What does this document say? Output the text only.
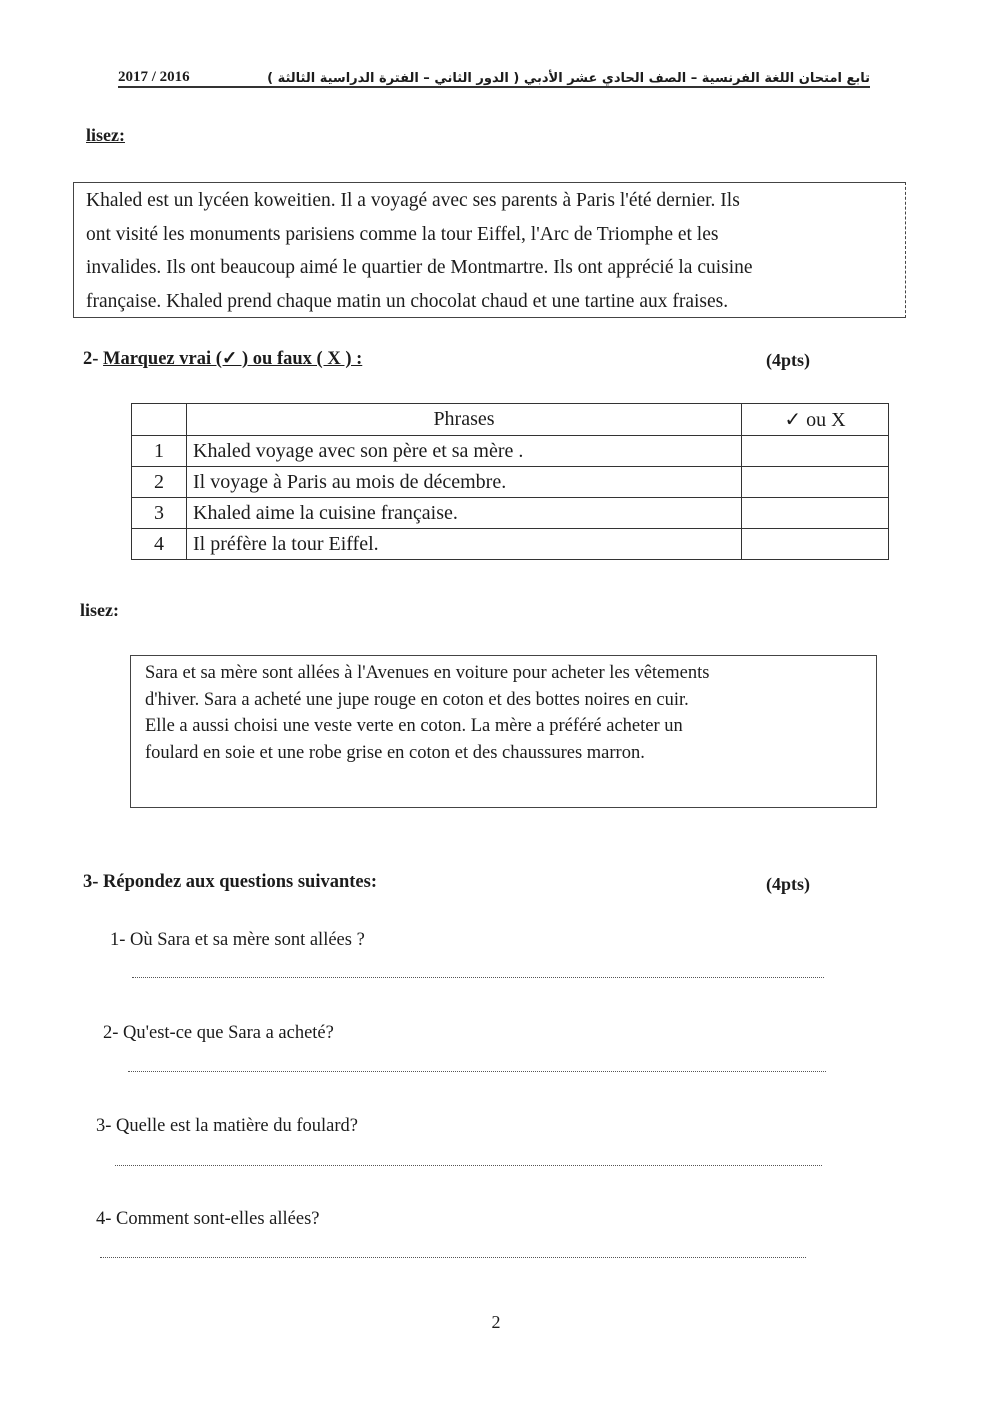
2017 / 2016	تابع امتحان اللغة الفرنسية – الصف الحادي عشر الأدبي ( الدور الثاني – الفترة الدراسية الثالثة )
lisez:
Khaled est un lycéen koweitien. Il a voyagé avec ses parents à Paris l'été dernier. Ils
ont visité les monuments parisiens comme la tour Eiffel, l'Arc de Triomphe et les
invalides. Ils ont beaucoup aimé le quartier de Montmartre. Ils ont apprécié la cuisine
française. Khaled prend chaque matin un chocolat chaud et une tartine aux fraises.
2- Marquez vrai (✓ ) ou faux ( X ) :	(4pts)
	Phrases	✓ ou X
1	Khaled voyage avec son père et sa mère .	
2	Il voyage à Paris au mois de décembre.	
3	Khaled aime la cuisine française.	
4	Il préfère la tour Eiffel.	
lisez:
Sara et sa mère sont allées à l'Avenues en voiture pour acheter les vêtements
d'hiver. Sara a acheté une jupe rouge en coton et des bottes noires en cuir.
Elle a aussi choisi une veste verte en coton. La mère a préféré acheter un
foulard en soie et une robe grise en coton et des chaussures marron.
3- Répondez aux questions suivantes:	(4pts)
1- Où Sara et sa mère sont allées ?
2- Qu'est-ce que Sara a acheté?
3- Quelle est la matière du foulard?
4- Comment sont-elles allées?
2
